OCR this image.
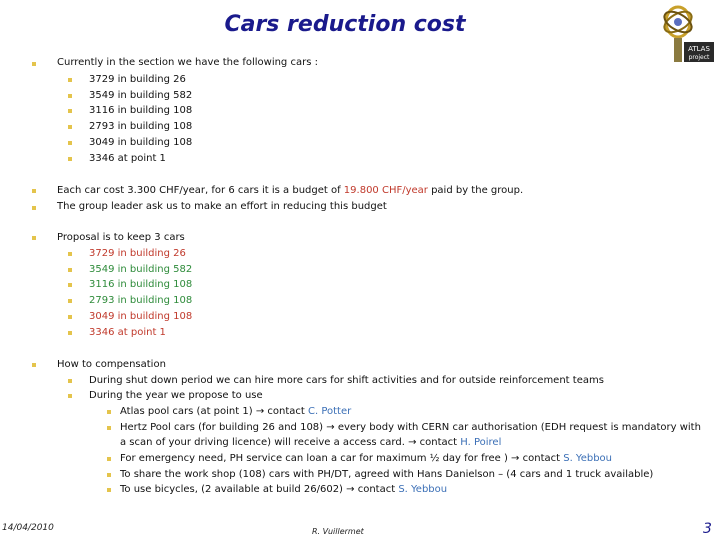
Cars reduction cost
ATLAS
project
Currently in the section we have the following cars :
3729 in building 26
3549 in building 582
3116 in building 108
2793 in building 108
3049 in building 108
3346 at point 1
Each car cost 3.300 CHF/year, for 6 cars it is a budget of 19.800 CHF/year paid by the group.
The group leader ask us to make an effort in reducing this budget
Proposal is to keep 3 cars
3729 in building 26
3549 in building 582
3116 in building 108
2793 in building 108
3049 in building 108
3346 at point 1
How to compensation
During shut down period we can hire more cars for shift activities and for outside reinforcement teams
During the year we propose to use
Atlas pool cars (at point 1) → contact C. Potter
Hertz Pool cars (for building 26 and 108) → every body with CERN car authorisation (EDH request is mandatory with
a scan of your driving licence) will receive a access card. → contact H. Poirel
For emergency need, PH service can loan a car for maximum ½ day for free ) → contact S. Yebbou
To share the work shop (108) cars with PH/DT, agreed with Hans Danielson – (4 cars and 1 truck available)
To use bicycles, (2 available at build 26/602) → contact S. Yebbou
14/04/2010	R. Vuillermet	3
